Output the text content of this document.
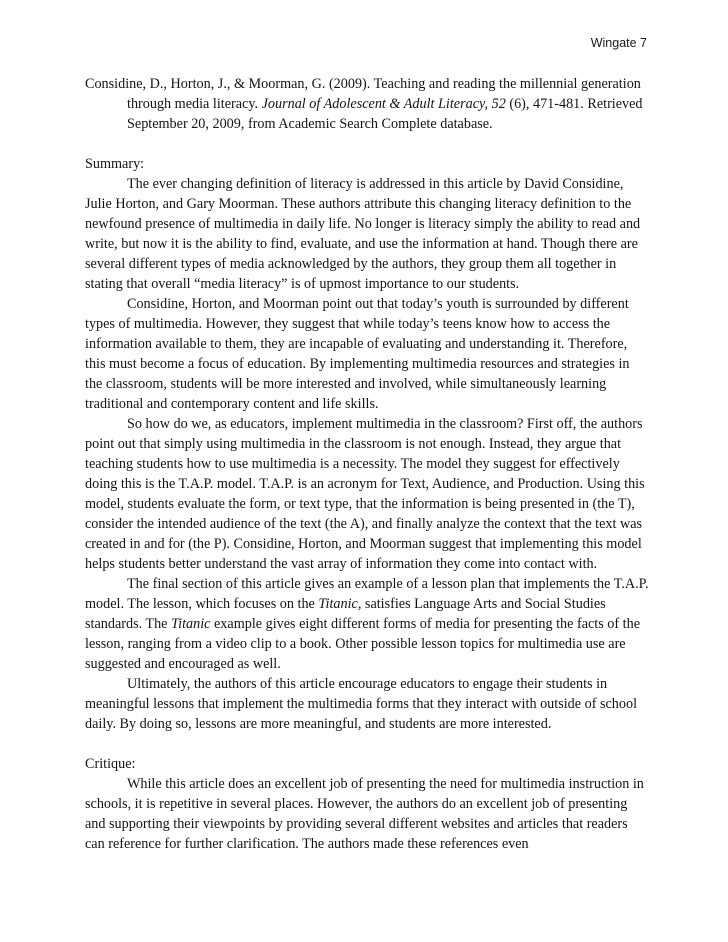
Wingate 7

Considine, D., Horton, J., & Moorman, G. (2009). Teaching and reading the millennial generation through media literacy. Journal of Adolescent & Adult Literacy, 52 (6), 471-481. Retrieved September 20, 2009, from Academic Search Complete database.

Summary:

The ever changing definition of literacy is addressed in this article by David Considine, Julie Horton, and Gary Moorman. These authors attribute this changing literacy definition to the newfound presence of multimedia in daily life. No longer is literacy simply the ability to read and write, but now it is the ability to find, evaluate, and use the information at hand. Though there are several different types of media acknowledged by the authors, they group them all together in stating that overall “media literacy” is of upmost importance to our students.

Considine, Horton, and Moorman point out that today’s youth is surrounded by different types of multimedia. However, they suggest that while today’s teens know how to access the information available to them, they are incapable of evaluating and understanding it. Therefore, this must become a focus of education. By implementing multimedia resources and strategies in the classroom, students will be more interested and involved, while simultaneously learning traditional and contemporary content and life skills.

So how do we, as educators, implement multimedia in the classroom? First off, the authors point out that simply using multimedia in the classroom is not enough. Instead, they argue that teaching students how to use multimedia is a necessity. The model they suggest for effectively doing this is the T.A.P. model. T.A.P. is an acronym for Text, Audience, and Production. Using this model, students evaluate the form, or text type, that the information is being presented in (the T), consider the intended audience of the text (the A), and finally analyze the context that the text was created in and for (the P). Considine, Horton, and Moorman suggest that implementing this model helps students better understand the vast array of information they come into contact with.

The final section of this article gives an example of a lesson plan that implements the T.A.P. model. The lesson, which focuses on the Titanic, satisfies Language Arts and Social Studies standards. The Titanic example gives eight different forms of media for presenting the facts of the lesson, ranging from a video clip to a book. Other possible lesson topics for multimedia use are suggested and encouraged as well.

Ultimately, the authors of this article encourage educators to engage their students in meaningful lessons that implement the multimedia forms that they interact with outside of school daily. By doing so, lessons are more meaningful, and students are more interested.

Critique:

While this article does an excellent job of presenting the need for multimedia instruction in schools, it is repetitive in several places. However, the authors do an excellent job of presenting and supporting their viewpoints by providing several different websites and articles that readers can reference for further clarification. The authors made these references even
